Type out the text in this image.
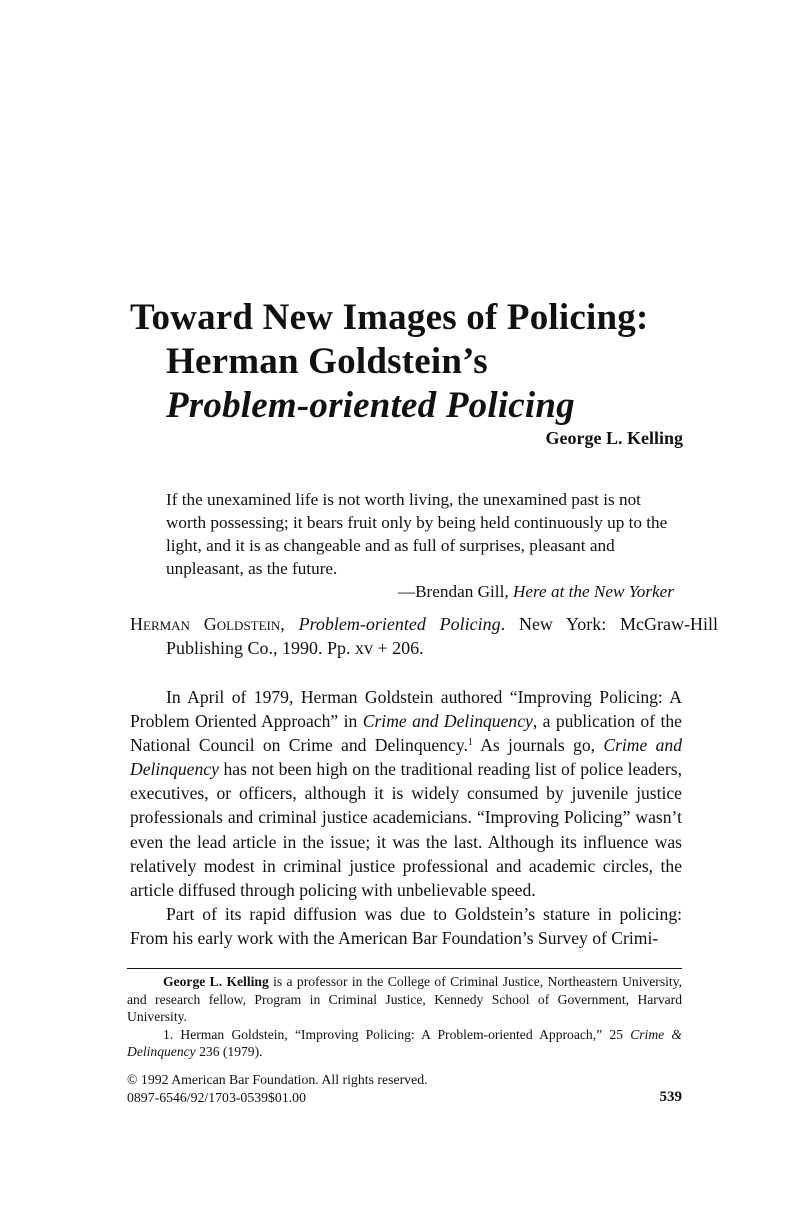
Toward New Images of Policing:
Herman Goldstein’s
Problem-oriented Policing
George L. Kelling
If the unexamined life is not worth living, the unexamined past is not worth possessing; it bears fruit only by being held continuously up to the light, and it is as changeable and as full of surprises, pleasant and unpleasant, as the future.
—Brendan Gill, Here at the New Yorker
Herman Goldstein, Problem-oriented Policing. New York: McGraw-Hill Publishing Co., 1990. Pp. xv + 206.

In April of 1979, Herman Goldstein authored “Improving Policing: A Problem Oriented Approach” in Crime and Delinquency, a publication of the National Council on Crime and Delinquency.$^1$ As journals go, Crime and Delinquency has not been high on the traditional reading list of police leaders, executives, or officers, although it is widely consumed by juvenile justice professionals and criminal justice academicians. “Improving Policing” wasn’t even the lead article in the issue; it was the last. Although its influence was relatively modest in criminal justice professional and academic circles, the article diffused through policing with unbelievable speed.

Part of its rapid diffusion was due to Goldstein’s stature in policing: From his early work with the American Bar Foundation’s Survey of Crimi-

George L. Kelling is a professor in the College of Criminal Justice, Northeastern University, and research fellow, Program in Criminal Justice, Kennedy School of Government, Harvard University.

1. Herman Goldstein, “Improving Policing: A Problem-oriented Approach,” 25 Crime & Delinquency 236 (1979).

© 1992 American Bar Foundation. All rights reserved.
0897-6546/92/1703-0539$01.00	539
